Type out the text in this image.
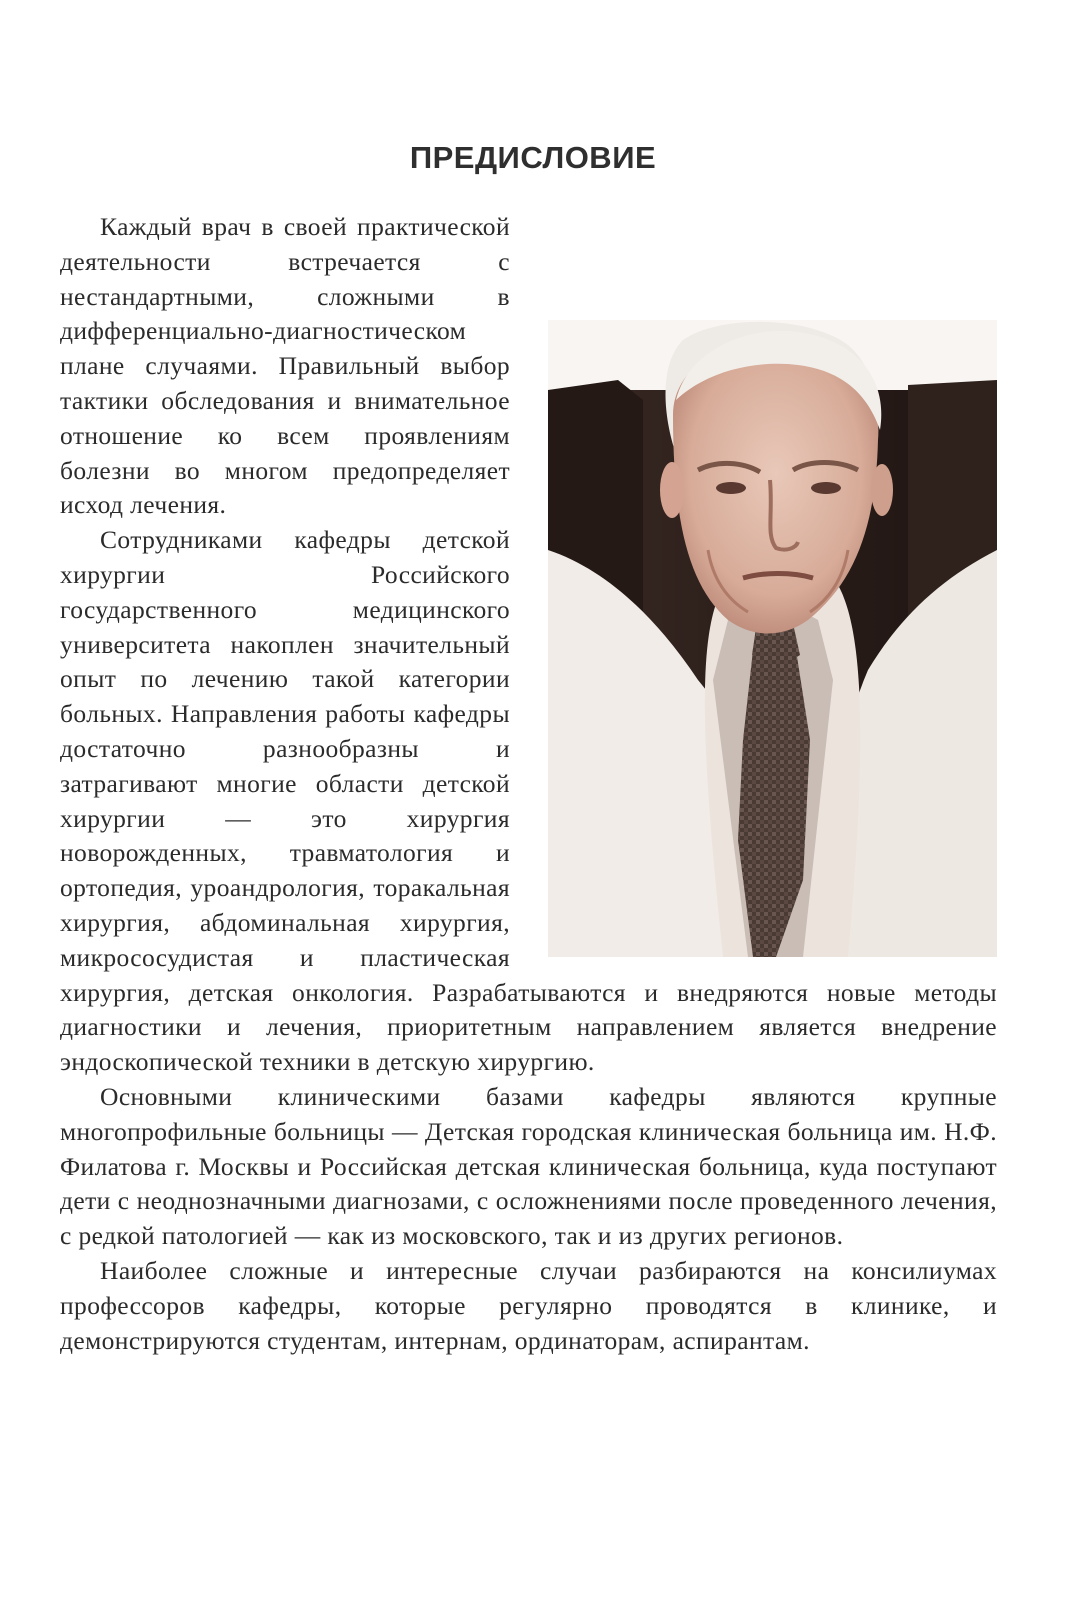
ПРЕДИСЛОВИЕ

Каждый врач в своей практической деятельности встречается с нестандартными, сложными в дифференциально-диагностическом плане случаями. Правильный выбор тактики обследования и внимательное отношение ко всем проявлениям болезни во многом предопределяет исход лечения.

Сотрудниками кафедры детской хирургии Российского государственного медицинского университета накоплен значительный опыт по лечению такой категории больных. Направления работы кафедры достаточно разнообразны и затрагивают многие области детской хирургии — это хирургия новорожденных, травматология и ортопедия, уроандрология, торакальная хирургия, абдоминальная хирургия, микрососудистая и пластическая хирургия, детская онкология. Разрабатываются и внедряются новые методы диагностики и лечения, приоритетным направлением является внедрение эндоскопической техники в детскую хирургию.

Основными клиническими базами кафедры являются крупные многопрофильные больницы — Детская городская клиническая больница им. Н.Ф. Филатова г. Москвы и Российская детская клиническая больница, куда поступают дети с неоднозначными диагнозами, с осложнениями после проведенного лечения, с редкой патологией — как из московского, так и из других регионов.

Наиболее сложные и интересные случаи разбираются на консилиумах профессоров кафедры, которые регулярно проводятся в клинике, и демонстрируются студентам, интернам, ординаторам, аспирантам.
